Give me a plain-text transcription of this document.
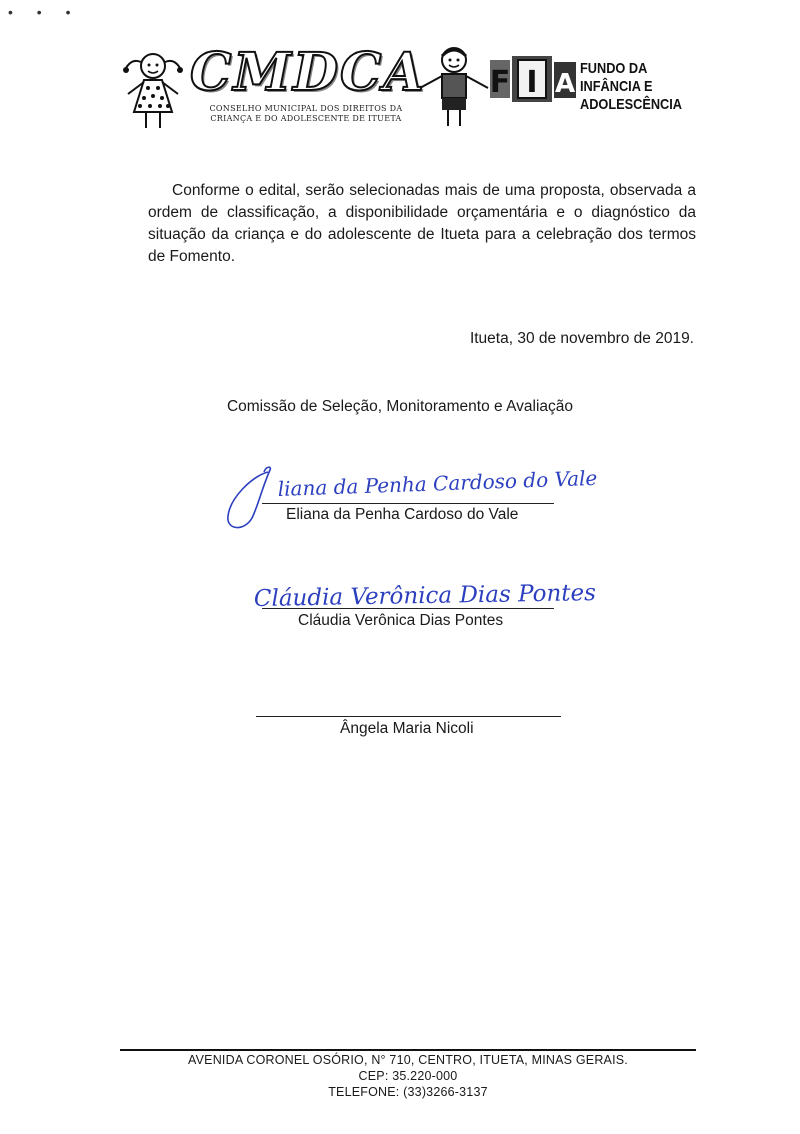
• • •
CMDCA
CONSELHO MUNICIPAL DOS DIREITOS DA
CRIANÇA E DO ADOLESCENTE DE ITUETA
F I A
FUNDO DA
INFÂNCIA E
ADOLESCÊNCIA
Conforme o edital, serão selecionadas mais de uma proposta, observada a ordem de classificação, a disponibilidade orçamentária e o diagnóstico da situação da criança e do adolescente de Itueta para a celebração dos termos de Fomento.
Itueta, 30 de novembro de 2019.
Comissão de Seleção, Monitoramento e Avaliação
liana da Penha Cardoso do Vale
Eliana da Penha Cardoso do Vale
Cláudia Verônica Dias Pontes
Cláudia Verônica Dias Pontes
Ângela Maria Nicoli
AVENIDA CORONEL OSÓRIO, N° 710, CENTRO, ITUETA, MINAS GERAIS.
CEP: 35.220-000
TELEFONE: (33)3266-3137
